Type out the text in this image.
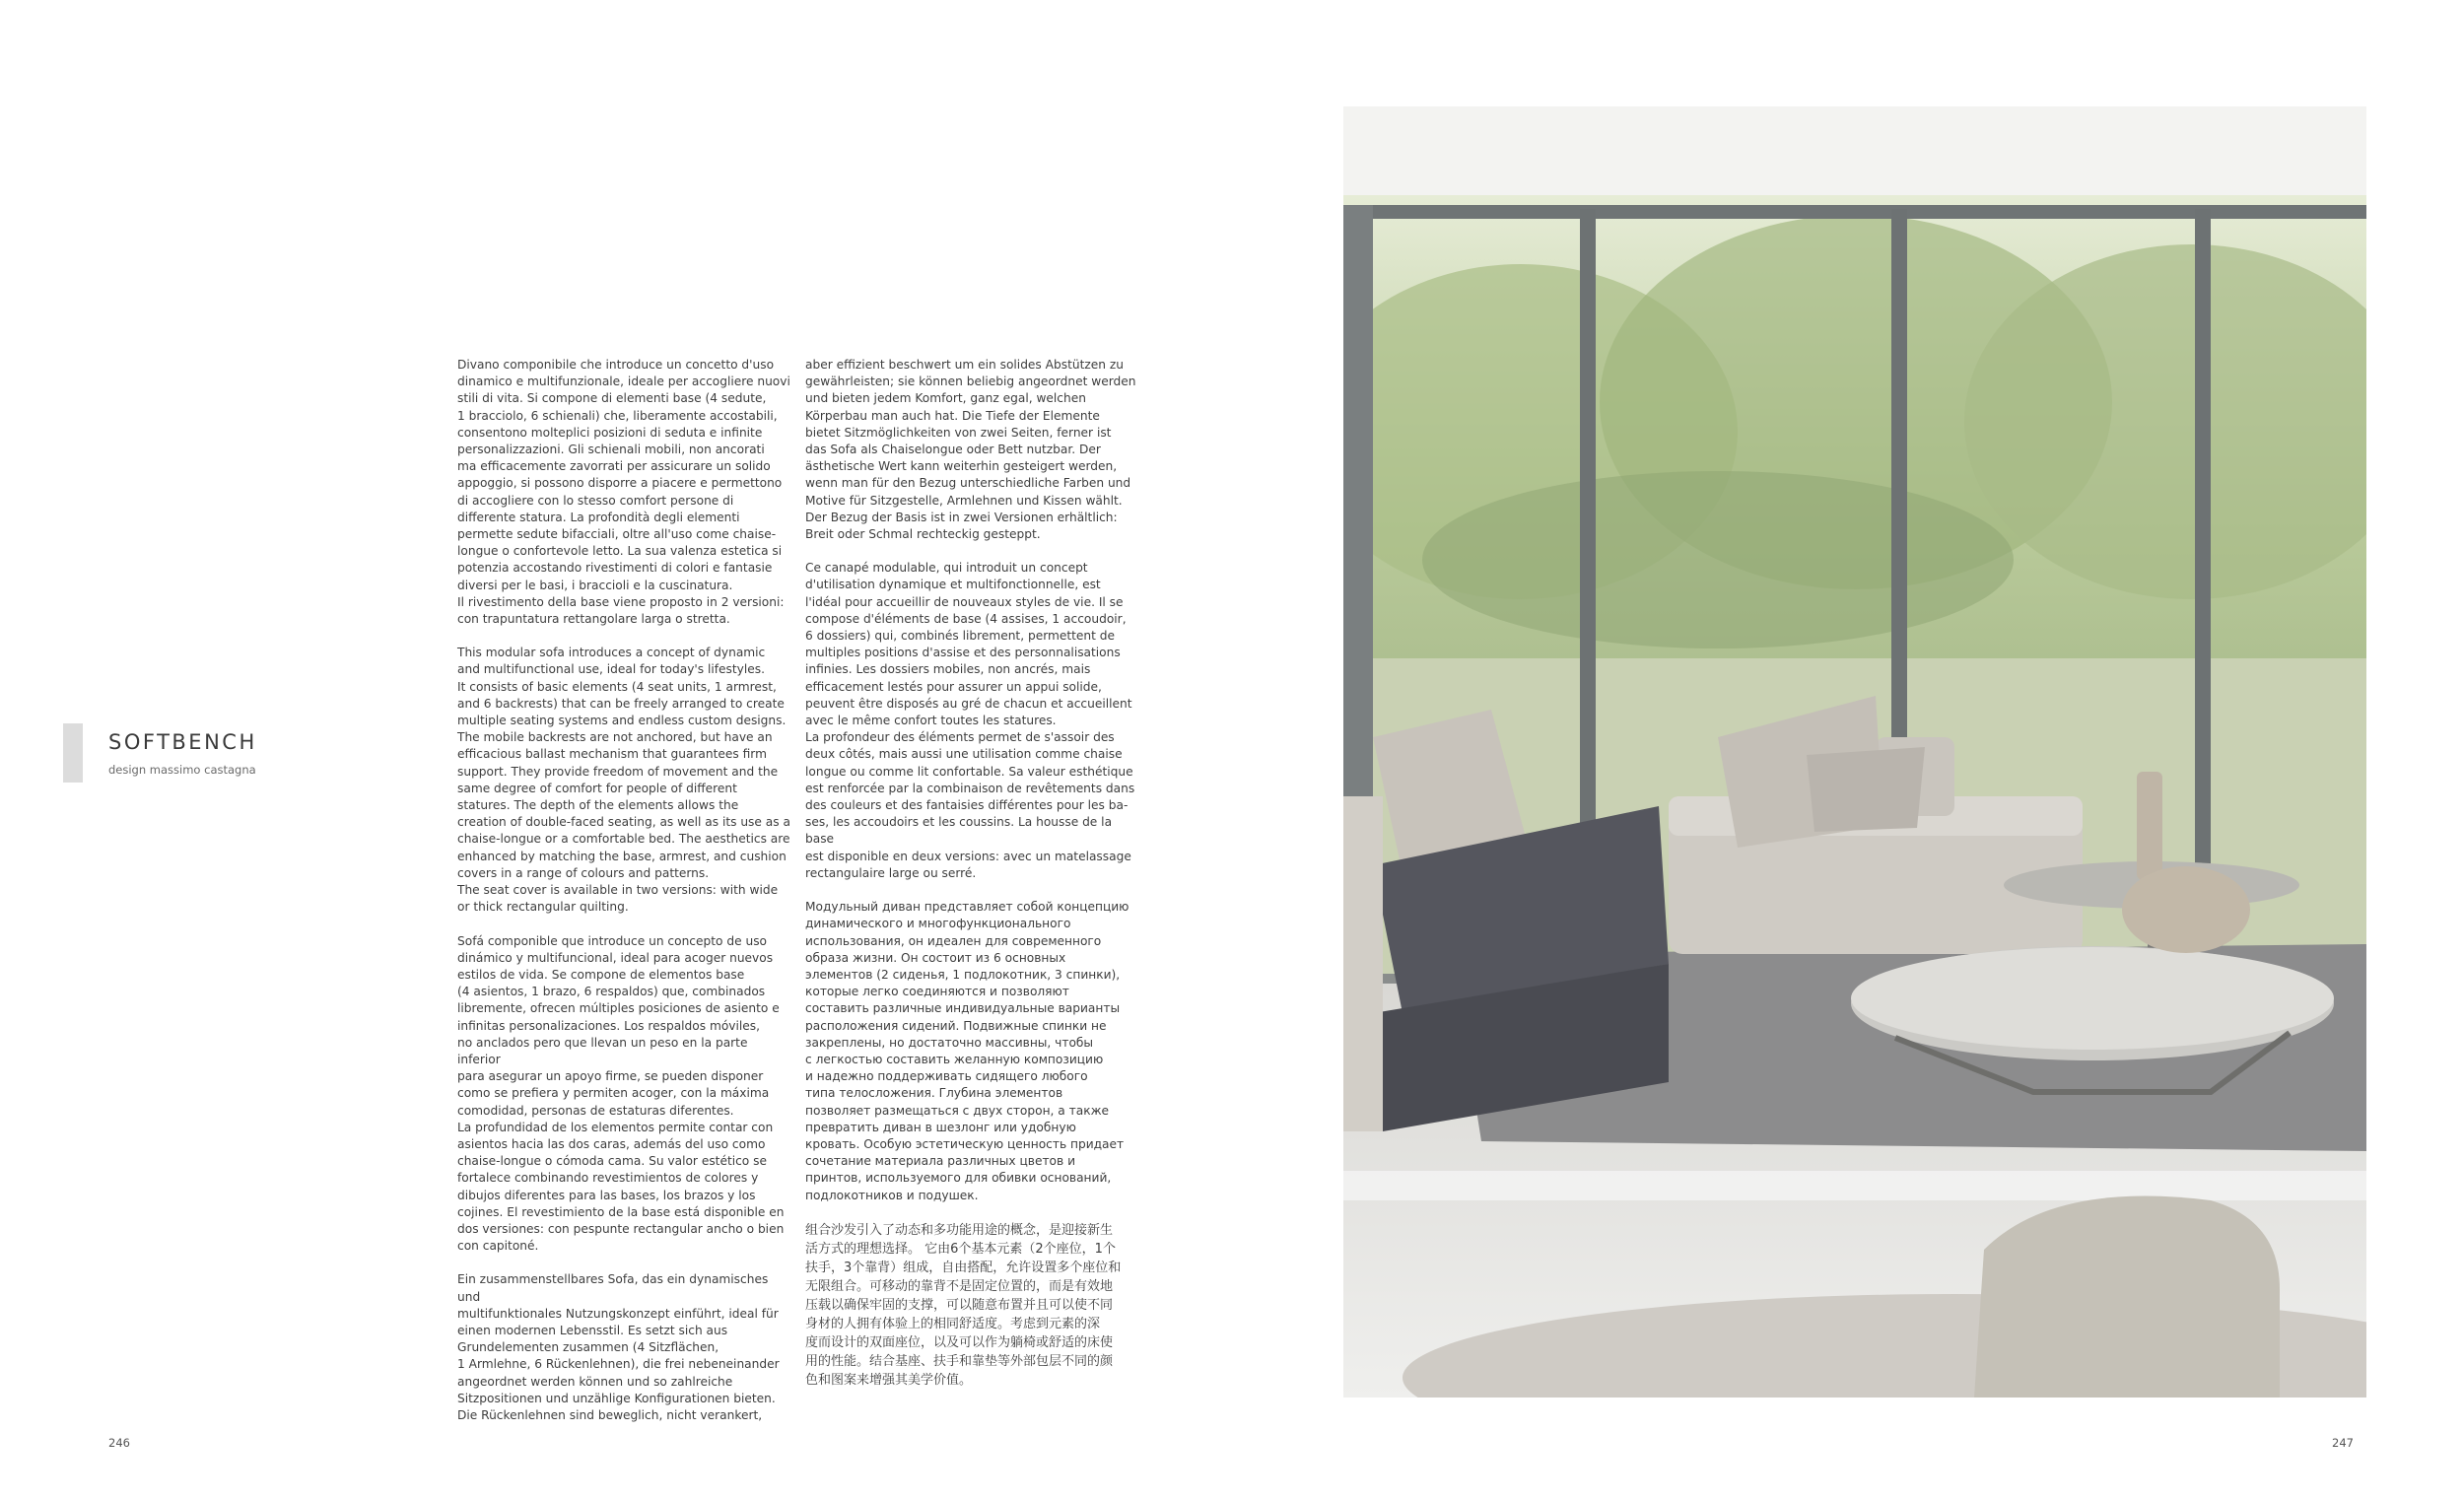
SOFTBENCH
design massimo castagna

Divano componibile che introduce un concetto d'uso
dinamico e multifunzionale, ideale per accogliere nuovi
stili di vita. Si compone di elementi base (4 sedute,
1 bracciolo, 6 schienali) che, liberamente accostabili,
consentono molteplici posizioni di seduta e infinite
personalizzazioni. Gli schienali mobili, non ancorati
ma efficacemente zavorrati per assicurare un solido
appoggio, si possono disporre a piacere e permettono
di accogliere con lo stesso comfort persone di
differente statura. La profondità degli elementi
permette sedute bifacciali, oltre all'uso come chaise-
longue o confortevole letto. La sua valenza estetica si
potenzia accostando rivestimenti di colori e fantasie
diversi per le basi, i braccioli e la cuscinatura.
Il rivestimento della base viene proposto in 2 versioni:
con trapuntatura rettangolare larga o stretta.

This modular sofa introduces a concept of dynamic
and multifunctional use, ideal for today's lifestyles.
It consists of basic elements (4 seat units, 1 armrest,
and 6 backrests) that can be freely arranged to create
multiple seating systems and endless custom designs.
The mobile backrests are not anchored, but have an
efficacious ballast mechanism that guarantees firm
support. They provide freedom of movement and the
same degree of comfort for people of different
statures. The depth of the elements allows the
creation of double-faced seating, as well as its use as a
chaise-longue or a comfortable bed. The aesthetics are
enhanced by matching the base, armrest, and cushion
covers in a range of colours and patterns.
The seat cover is available in two versions: with wide
or thick rectangular quilting.

Sofá componible que introduce un concepto de uso
dinámico y multifuncional, ideal para acoger nuevos
estilos de vida. Se compone de elementos base
(4 asientos, 1 brazo, 6 respaldos) que, combinados
libremente, ofrecen múltiples posiciones de asiento e
infinitas personalizaciones. Los respaldos móviles,
no anclados pero que llevan un peso en la parte inferior
para asegurar un apoyo firme, se pueden disponer
como se prefiera y permiten acoger, con la máxima
comodidad, personas de estaturas diferentes.
La profundidad de los elementos permite contar con
asientos hacia las dos caras, además del uso como
chaise-longue o cómoda cama. Su valor estético se
fortalece combinando revestimientos de colores y
dibujos diferentes para las bases, los brazos y los
cojines. El revestimiento de la base está disponible en
dos versiones: con pespunte rectangular ancho o bien
con capitoné.

Ein zusammenstellbares Sofa, das ein dynamisches und
multifunktionales Nutzungskonzept einführt, ideal für
einen modernen Lebensstil. Es setzt sich aus
Grundelementen zusammen (4 Sitzflächen,
1 Armlehne, 6 Rückenlehnen), die frei nebeneinander
angeordnet werden können und so zahlreiche
Sitzpositionen und unzählige Konfigurationen bieten.
Die Rückenlehnen sind beweglich, nicht verankert,

aber effizient beschwert um ein solides Abstützen zu
gewährleisten; sie können beliebig angeordnet werden
und bieten jedem Komfort, ganz egal, welchen
Körperbau man auch hat. Die Tiefe der Elemente
bietet Sitzmöglichkeiten von zwei Seiten, ferner ist
das Sofa als Chaiselongue oder Bett nutzbar. Der
ästhetische Wert kann weiterhin gesteigert werden,
wenn man für den Bezug unterschiedliche Farben und
Motive für Sitzgestelle, Armlehnen und Kissen wählt.
Der Bezug der Basis ist in zwei Versionen erhältlich:
Breit oder Schmal rechteckig gesteppt.

Ce canapé modulable, qui introduit un concept
d'utilisation dynamique et multifonctionnelle, est
l'idéal pour accueillir de nouveaux styles de vie. Il se
compose d'éléments de base (4 assises, 1 accoudoir,
6 dossiers) qui, combinés librement, permettent de
multiples positions d'assise et des personnalisations
infinies. Les dossiers mobiles, non ancrés, mais
efficacement lestés pour assurer un appui solide,
peuvent être disposés au gré de chacun et accueillent
avec le même confort toutes les statures.
La profondeur des éléments permet de s'assoir des
deux côtés, mais aussi une utilisation comme chaise
longue ou comme lit confortable. Sa valeur esthétique
est renforcée par la combinaison de revêtements dans
des couleurs et des fantaisies différentes pour les ba-
ses, les accoudoirs et les coussins. La housse de la base
est disponible en deux versions: avec un matelassage
rectangulaire large ou serré.

Модульный диван представляет собой концепцию
динамического и многофункционального
использования, он идеален для современного
образа жизни. Он состоит из 6 основных
элементов (2 сиденья, 1 подлокотник, 3 спинки),
которые легко соединяются и позволяют
составить различные индивидуальные варианты
расположения сидений. Подвижные спинки не
закреплены, но достаточно массивны, чтобы
с легкостью составить желанную композицию
и надежно поддерживать сидящего любого
типа телосложения. Глубина элементов
позволяет размещаться с двух сторон, а также
превратить диван в шезлонг или удобную
кровать. Особую эстетическую ценность придает
сочетание материала различных цветов и
принтов, используемого для обивки оснований,
подлокотников и подушек.

组合沙发引入了动态和多功能用途的概念，是迎接新生
活方式的理想选择。 它由6个基本元素（2个座位，1个
扶手，3个靠背）组成，自由搭配，允许设置多个座位和
无限组合。可移动的靠背不是固定位置的，而是有效地
压载以确保牢固的支撑，可以随意布置并且可以使不同
身材的人拥有体验上的相同舒适度。考虑到元素的深
度而设计的双面座位，以及可以作为躺椅或舒适的床使
用的性能。结合基座、扶手和靠垫等外部包层不同的颜
色和图案来增强其美学价值。

246	247
